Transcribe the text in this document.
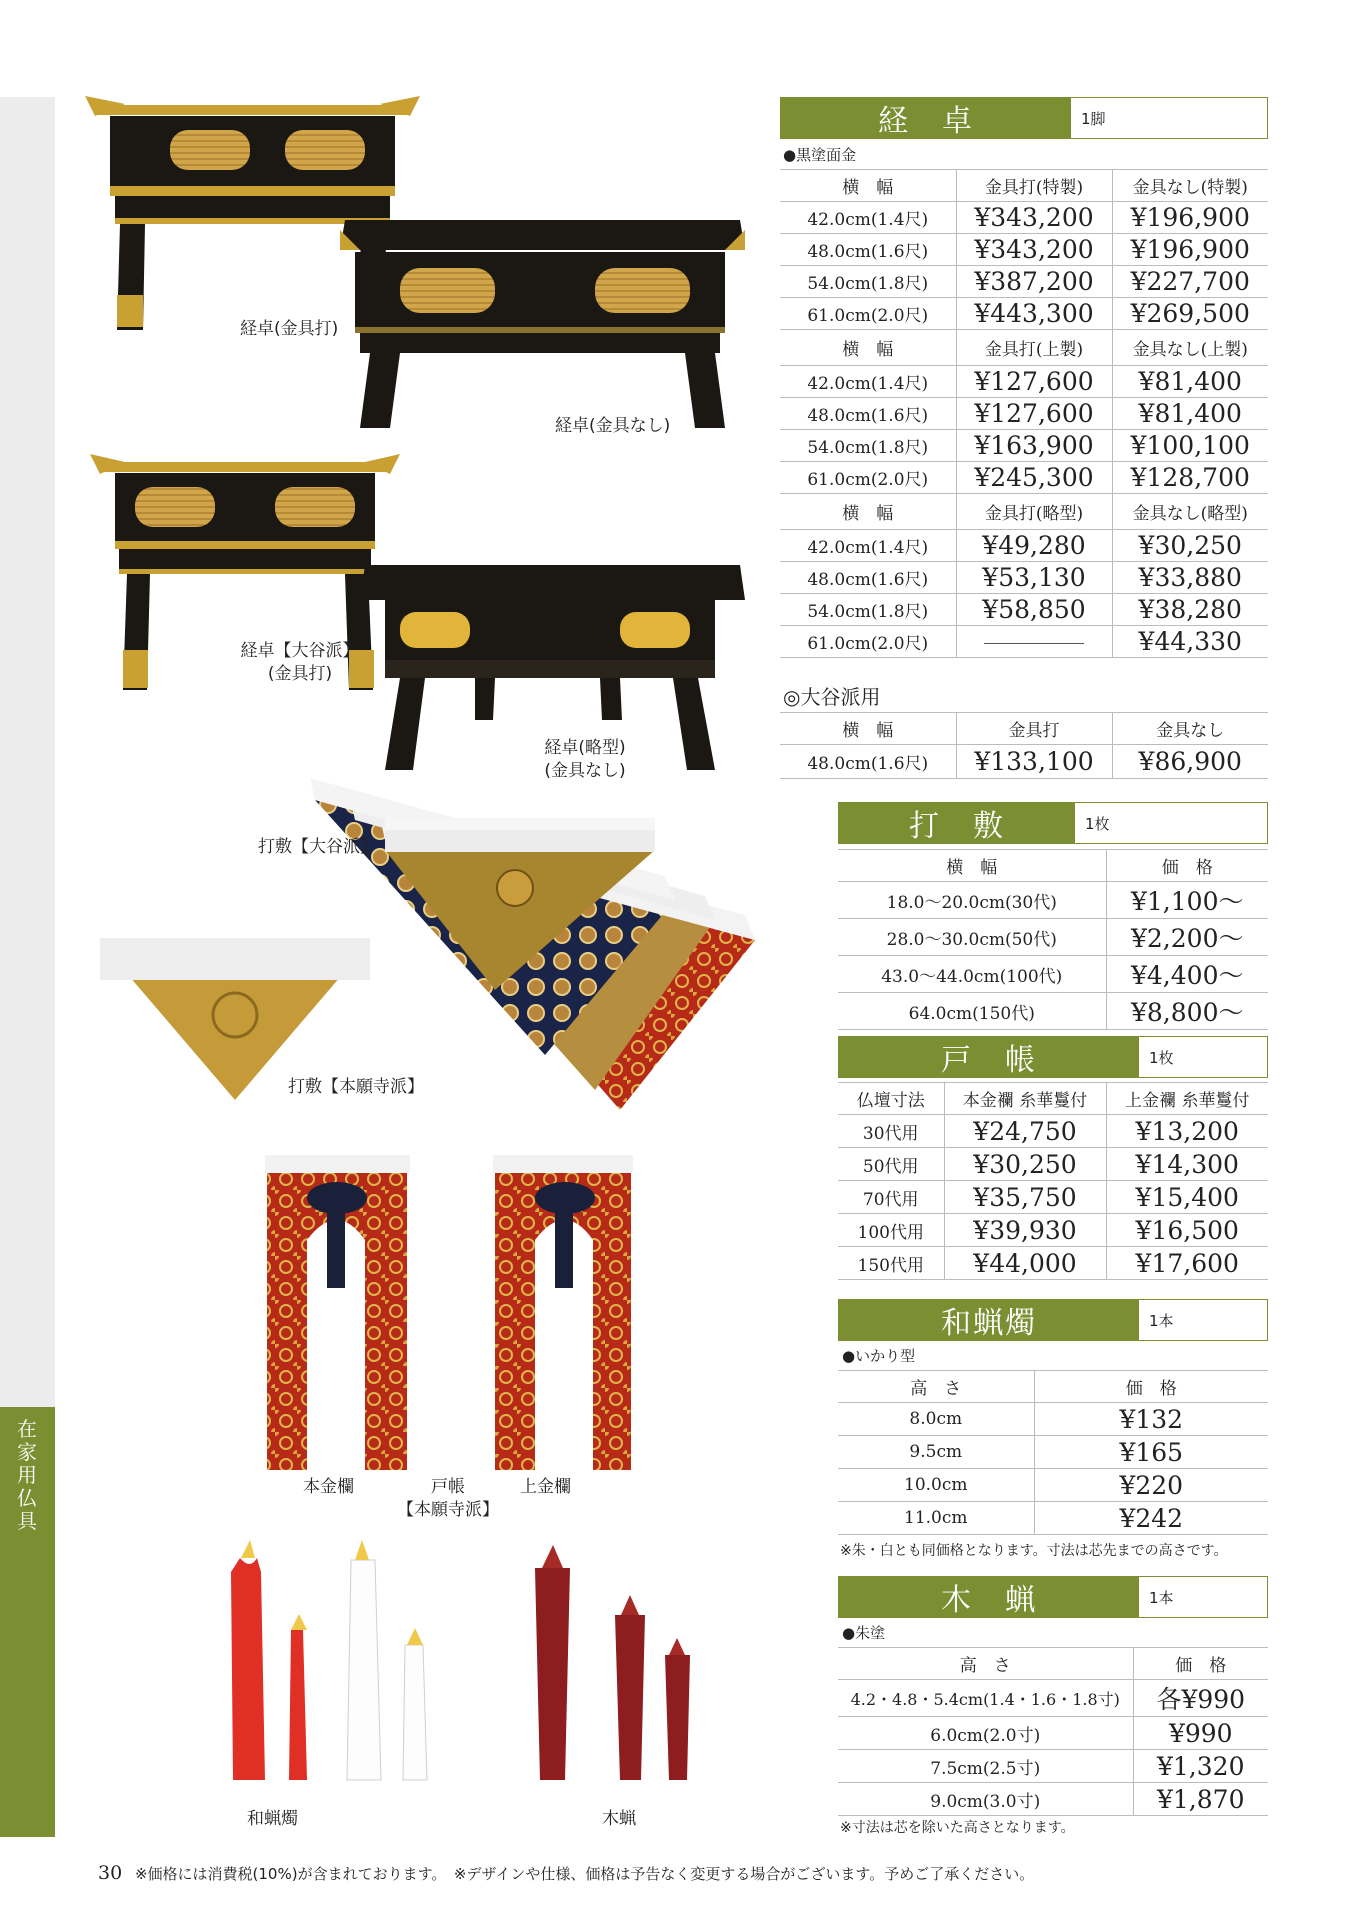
在家用仏具
経卓(金具打)
経卓(金具なし)
経卓【大谷派】
(金具打)
経卓(略型)
(金具なし)
打敷【大谷派】
打敷【本願寺派】
本金欄	戸帳
【本願寺派】
上金欄
和蝋燭	木蝋
経　卓	1脚
●黒塗面金
横　幅	金具打(特製)	金具なし(特製)
42.0cm(1.4尺)	¥343,200	¥196,900
48.0cm(1.6尺)	¥343,200	¥196,900
54.0cm(1.8尺)	¥387,200	¥227,700
61.0cm(2.0尺)	¥443,300	¥269,500
横　幅	金具打(上製)	金具なし(上製)
42.0cm(1.4尺)	¥127,600	¥81,400
48.0cm(1.6尺)	¥127,600	¥81,400
54.0cm(1.8尺)	¥163,900	¥100,100
61.0cm(2.0尺)	¥245,300	¥128,700
横　幅	金具打(略型)	金具なし(略型)
42.0cm(1.4尺)	¥49,280	¥30,250
48.0cm(1.6尺)	¥53,130	¥33,880
54.0cm(1.8尺)	¥58,850	¥38,280
61.0cm(2.0尺)		¥44,330
◎大谷派用
横　幅	金具打	金具なし
48.0cm(1.6尺)	¥133,100	¥86,900
打　敷	1枚
横　幅	価　格
18.0〜20.0cm(30代)	¥1,100〜
28.0〜30.0cm(50代)	¥2,200〜
43.0〜44.0cm(100代)	¥4,400〜
64.0cm(150代)	¥8,800〜
戸　帳	1枚
仏壇寸法	本金襴 糸華鬘付	上金襴 糸華鬘付
30代用	¥24,750	¥13,200
50代用	¥30,250	¥14,300
70代用	¥35,750	¥15,400
100代用	¥39,930	¥16,500
150代用	¥44,000	¥17,600
和蝋燭	1本
●いかり型
高　さ	価　格
8.0cm	¥132
9.5cm	¥165
10.0cm	¥220
11.0cm	¥242
※朱・白とも同価格となります。寸法は芯先までの高さです。
木　蝋	1本
●朱塗
高　さ	価　格
4.2・4.8・5.4cm(1.4・1.6・1.8寸)	各¥990
6.0cm(2.0寸)	¥990
7.5cm(2.5寸)	¥1,320
9.0cm(3.0寸)	¥1,870
※寸法は芯を除いた高さとなります。
30 ※価格には消費税(10%)が含まれております。　※デザインや仕様、価格は予告なく変更する場合がございます。予めご了承ください。
